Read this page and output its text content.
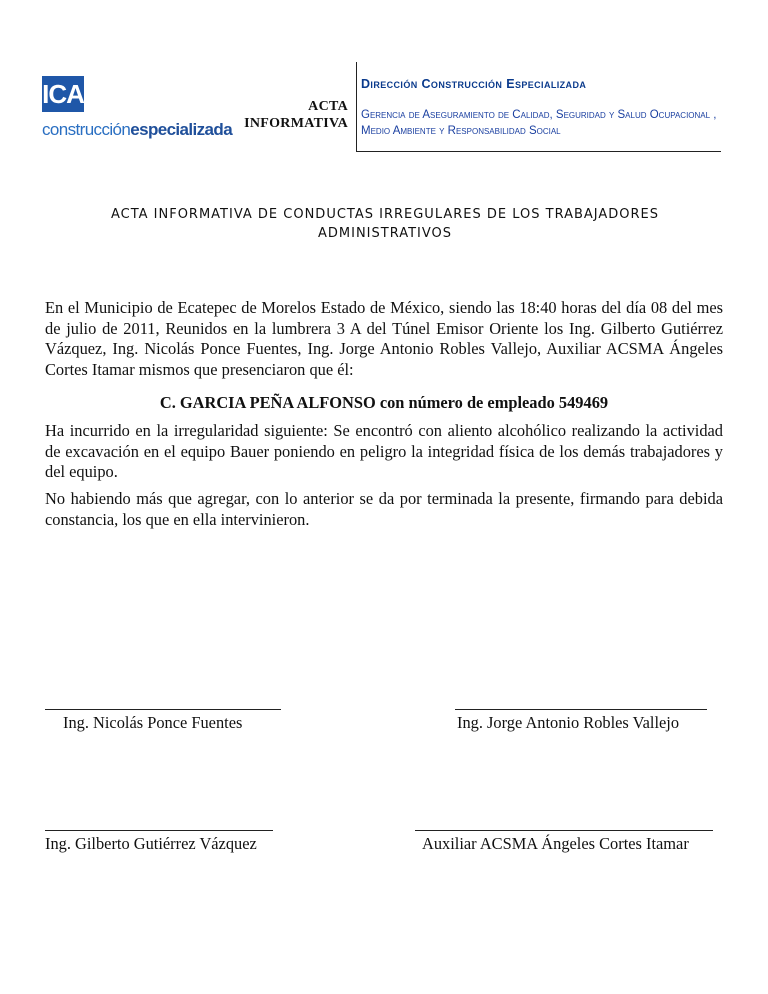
ICA
construcciónespecializada
ACTA
INFORMATIVA
Dirección Construcción Especializada
Gerencia de Aseguramiento de Calidad, Seguridad y Salud Ocupacional , Medio Ambiente y Responsabilidad Social
ACTA INFORMATIVA DE CONDUCTAS IRREGULARES DE LOS TRABAJADORES ADMINISTRATIVOS
En el Municipio de Ecatepec de Morelos Estado de México, siendo las 18:40 horas del día 08 del mes de julio de 2011, Reunidos en la lumbrera 3 A del Túnel Emisor Oriente los Ing. Gilberto Gutiérrez Vázquez, Ing. Nicolás Ponce Fuentes, Ing. Jorge Antonio Robles Vallejo, Auxiliar ACSMA Ángeles Cortes Itamar mismos que presenciaron que él:
C. GARCIA PEÑA ALFONSO con número de empleado 549469
Ha incurrido en la irregularidad siguiente: Se encontró con aliento alcohólico realizando la actividad de excavación en el equipo Bauer poniendo en peligro la integridad física de los demás trabajadores y del equipo.
No habiendo más que agregar, con lo anterior se da por terminada la presente, firmando para debida constancia, los que en ella intervinieron.
Ing. Nicolás Ponce Fuentes	Ing. Jorge Antonio Robles Vallejo
Ing. Gilberto Gutiérrez Vázquez	Auxiliar ACSMA Ángeles Cortes Itamar
